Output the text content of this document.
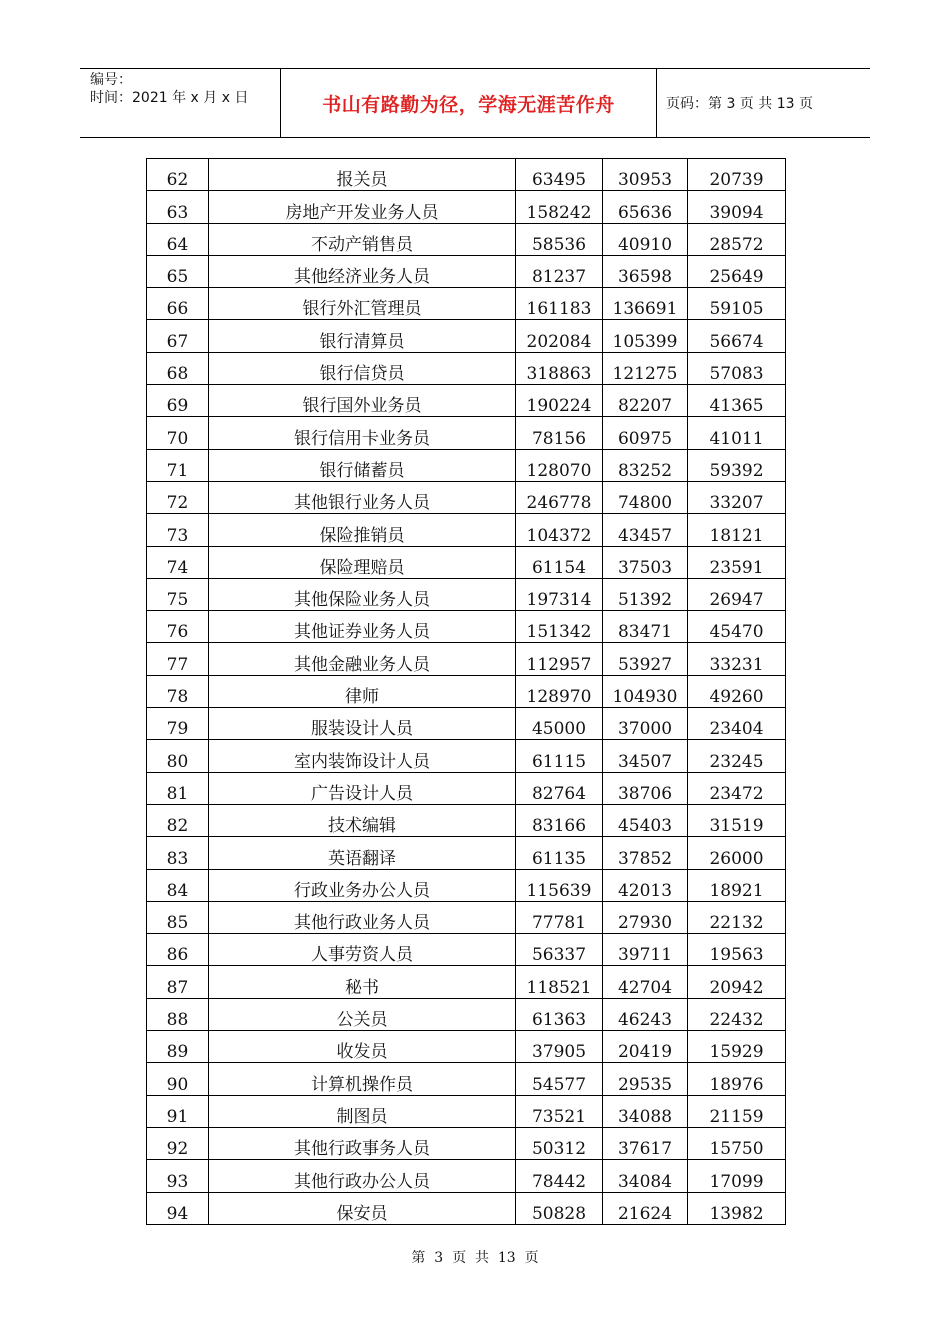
编号：
时间：2021 年 x 月 x 日	书山有路勤为径，学海无涯苦作舟	页码：第 3 页 共 13 页
62	报关员	63495	30953	20739
63	房地产开发业务人员	158242	65636	39094
64	不动产销售员	58536	40910	28572
65	其他经济业务人员	81237	36598	25649
66	银行外汇管理员	161183	136691	59105
67	银行清算员	202084	105399	56674
68	银行信贷员	318863	121275	57083
69	银行国外业务员	190224	82207	41365
70	银行信用卡业务员	78156	60975	41011
71	银行储蓄员	128070	83252	59392
72	其他银行业务人员	246778	74800	33207
73	保险推销员	104372	43457	18121
74	保险理赔员	61154	37503	23591
75	其他保险业务人员	197314	51392	26947
76	其他证券业务人员	151342	83471	45470
77	其他金融业务人员	112957	53927	33231
78	律师	128970	104930	49260
79	服装设计人员	45000	37000	23404
80	室内装饰设计人员	61115	34507	23245
81	广告设计人员	82764	38706	23472
82	技术编辑	83166	45403	31519
83	英语翻译	61135	37852	26000
84	行政业务办公人员	115639	42013	18921
85	其他行政业务人员	77781	27930	22132
86	人事劳资人员	56337	39711	19563
87	秘书	118521	42704	20942
88	公关员	61363	46243	22432
89	收发员	37905	20419	15929
90	计算机操作员	54577	29535	18976
91	制图员	73521	34088	21159
92	其他行政事务人员	50312	37617	15750
93	其他行政办公人员	78442	34084	17099
94	保安员	50828	21624	13982
第  3  页  共  13  页
